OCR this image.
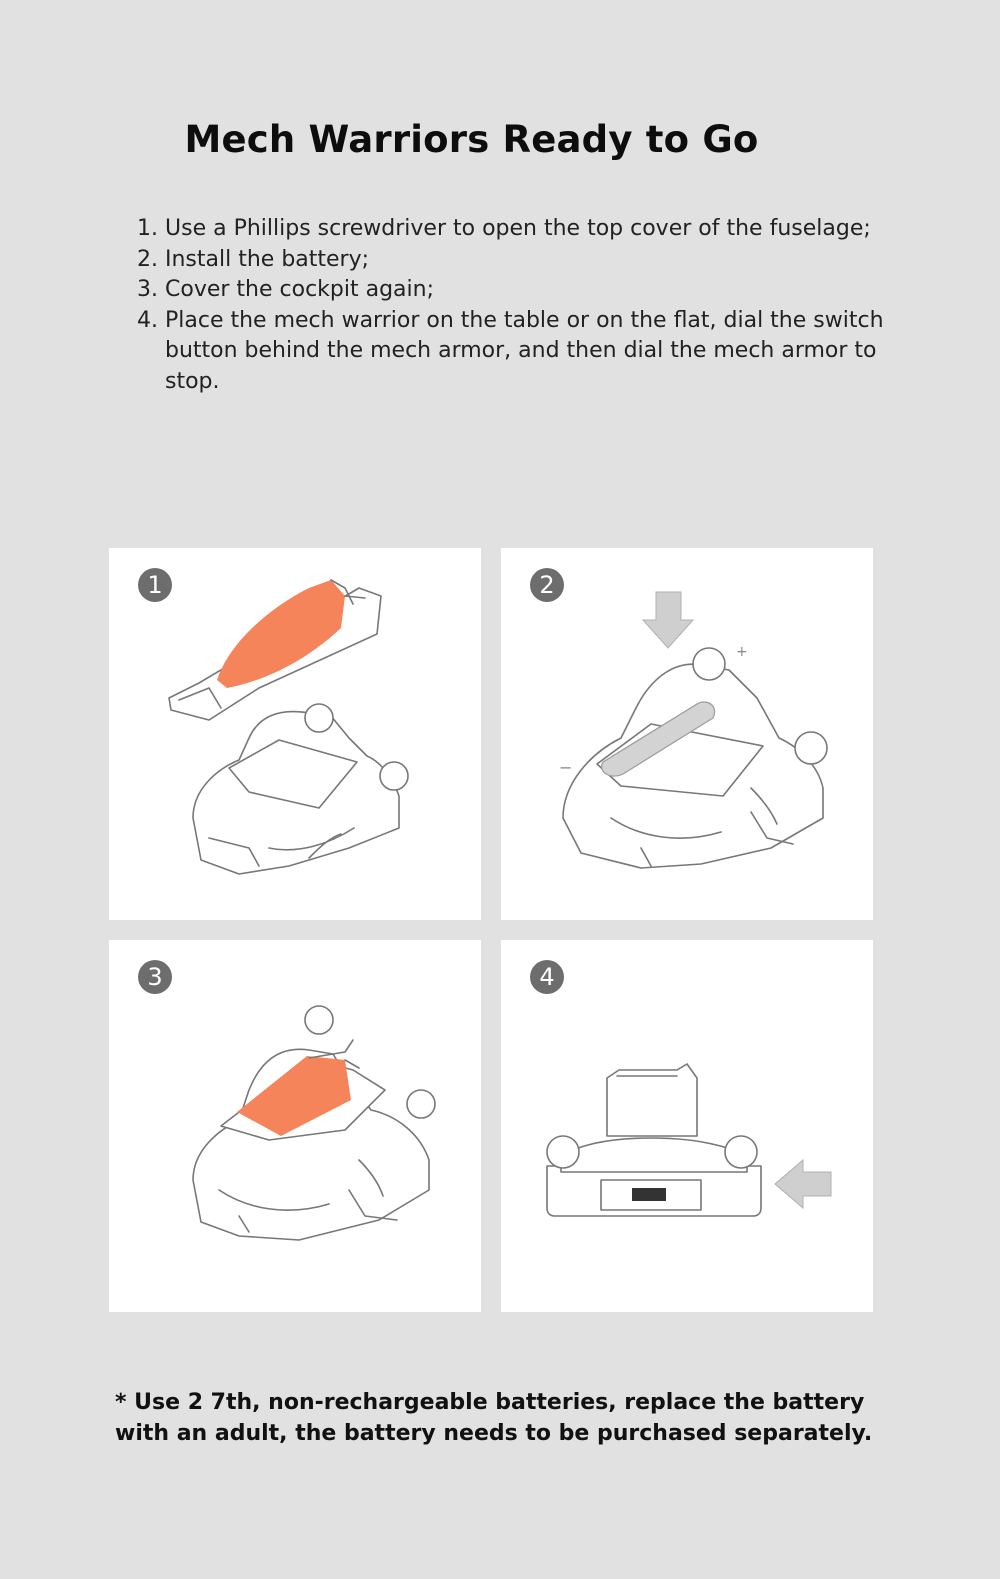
Mech Warriors Ready to Go
1. Use a Phillips screwdriver to open the top cover of the fuselage;
2. Install the battery;
3. Cover the cockpit again;
4. Place the mech warrior on the table or on the flat, dial the switch button behind the mech armor, and then dial the mech armor to stop.
1
+
−
2
3	4

* Use 2 7th, non-rechargeable batteries, replace the battery with an adult, the battery needs to be purchased separately.
